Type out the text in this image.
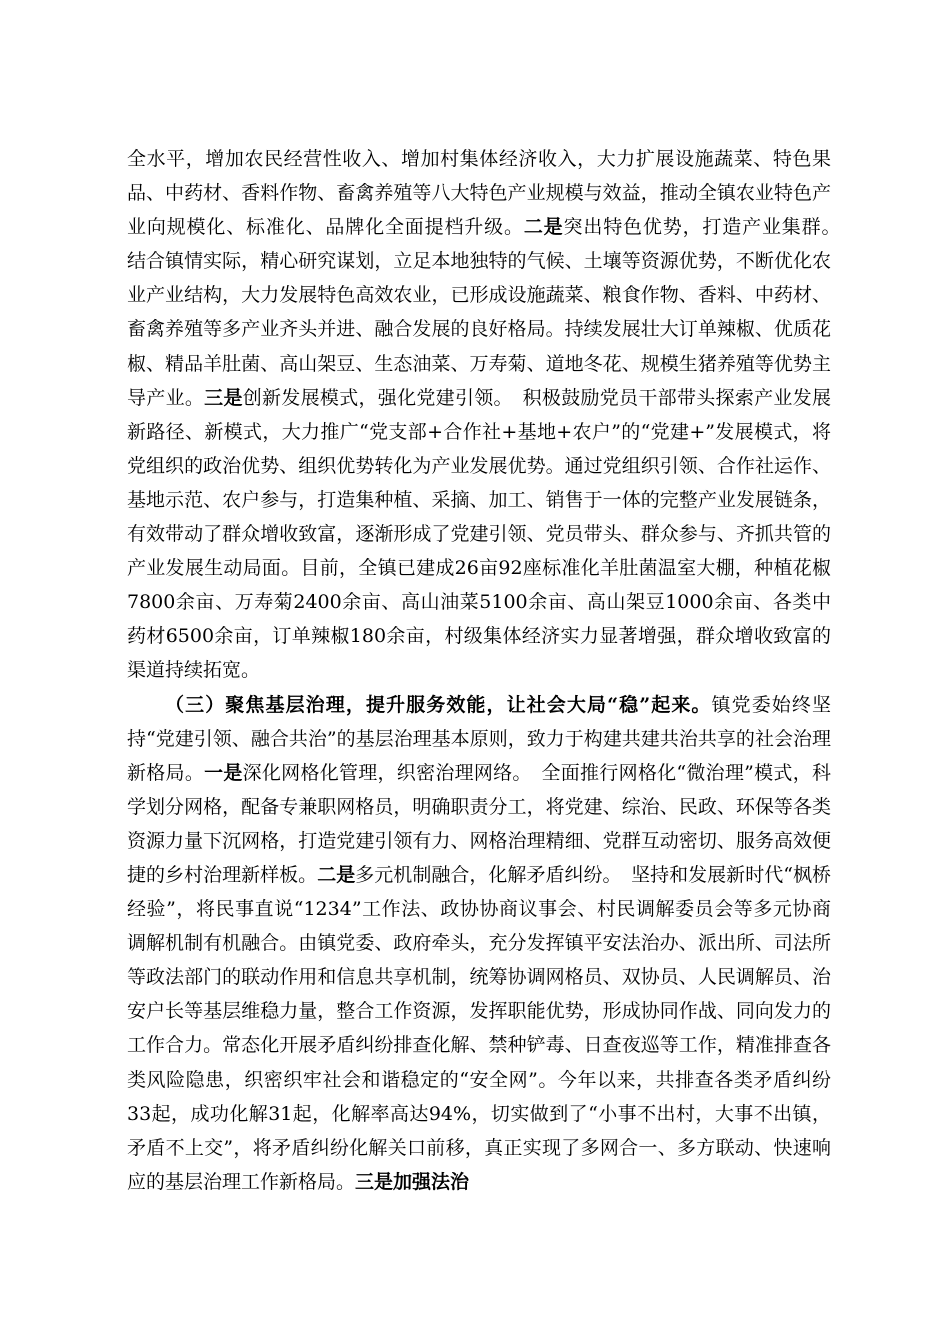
全水平，增加农民经营性收入、增加村集体经济收入，大力扩展设施蔬菜、特色果品、中药材、香料作物、畜禽养殖等八大特色产业规模与效益，推动全镇农业特色产业向规模化、标准化、品牌化全面提档升级。二是突出特色优势，打造产业集群。　结合镇情实际，精心研究谋划，立足本地独特的气候、土壤等资源优势，不断优化农业产业结构，大力发展特色高效农业，已形成设施蔬菜、粮食作物、香料、中药材、畜禽养殖等多产业齐头并进、融合发展的良好格局。持续发展壮大订单辣椒、优质花椒、精品羊肚菌、高山架豆、生态油菜、万寿菊、道地冬花、规模生猪养殖等优势主导产业。三是创新发展模式，强化党建引领。　积极鼓励党员干部带头探索产业发展新路径、新模式，大力推广“党支部+合作社+基地+农户”的“党建+”发展模式，将党组织的政治优势、组织优势转化为产业发展优势。通过党组织引领、合作社运作、基地示范、农户参与，打造集种植、采摘、加工、销售于一体的完整产业发展链条，有效带动了群众增收致富，逐渐形成了党建引领、党员带头、群众参与、齐抓共管的产业发展生动局面。目前，全镇已建成26亩92座标准化羊肚菌温室大棚，种植花椒7800余亩、万寿菊2400余亩、高山油菜5100余亩、高山架豆1000余亩、各类中药材6500余亩，订单辣椒180余亩，村级集体经济实力显著增强，群众增收致富的渠道持续拓宽。

（三）聚焦基层治理，提升服务效能，让社会大局“稳”起来。镇党委始终坚持“党建引领、融合共治”的基层治理基本原则，致力于构建共建共治共享的社会治理新格局。一是深化网格化管理，织密治理网络。　全面推行网格化“微治理”模式，科学划分网格，配备专兼职网格员，明确职责分工，将党建、综治、民政、环保等各类资源力量下沉网格，打造党建引领有力、网格治理精细、党群互动密切、服务高效便捷的乡村治理新样板。二是多元机制融合，化解矛盾纠纷。　坚持和发展新时代“枫桥经验”，将民事直说“1234”工作法、政协协商议事会、村民调解委员会等多元协商调解机制有机融合。由镇党委、政府牵头，充分发挥镇平安法治办、派出所、司法所等政法部门的联动作用和信息共享机制，统筹协调网格员、双协员、人民调解员、治安户长等基层维稳力量，整合工作资源，发挥职能优势，形成协同作战、同向发力的工作合力。常态化开展矛盾纠纷排查化解、禁种铲毒、日查夜巡等工作，精准排查各类风险隐患，织密织牢社会和谐稳定的“安全网”。今年以来，共排查各类矛盾纠纷33起，成功化解31起，化解率高达94%，切实做到了“小事不出村，大事不出镇，矛盾不上交”，将矛盾纠纷化解关口前移，真正实现了多网合一、多方联动、快速响应的基层治理工作新格局。三是加强法治
